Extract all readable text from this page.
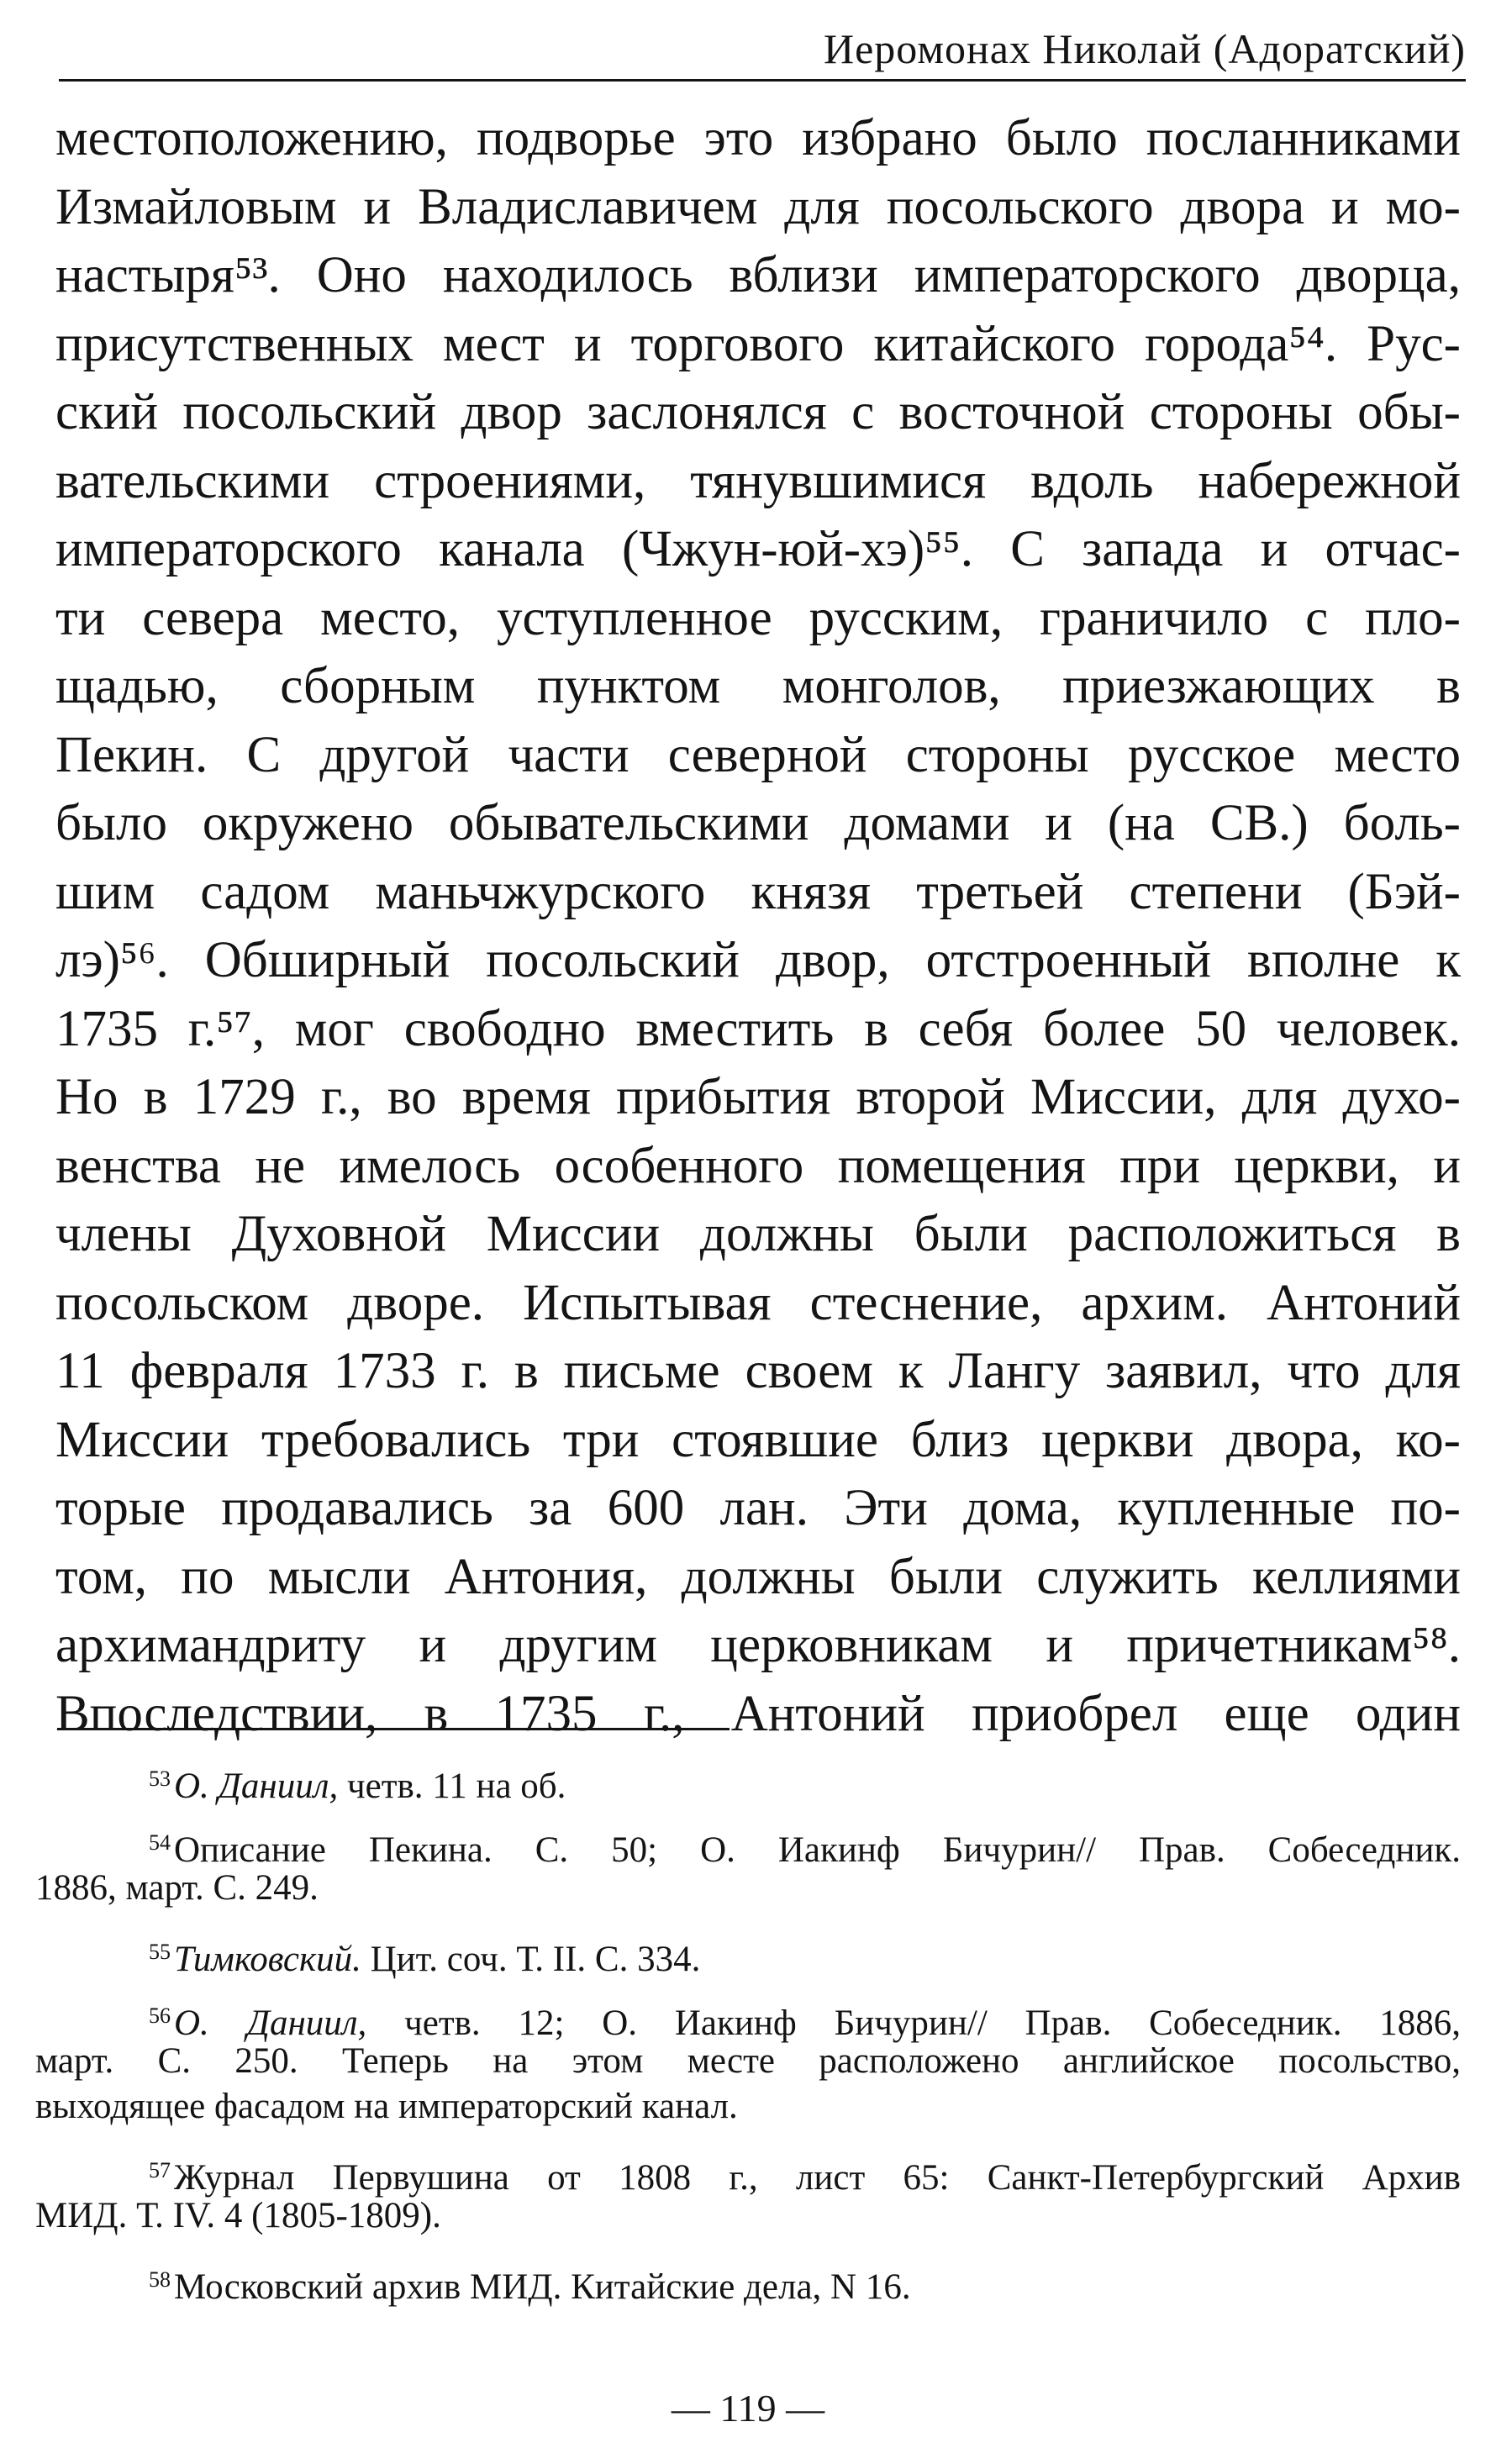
Иеромонах Николай (Адоратский)
местоположению, подворье это избрано было посланниками
Измайловым и Владиславичем для посольского двора и мо-
настыря⁵³. Оно находилось вблизи императорского дворца,
присутственных мест и торгового китайского города⁵⁴. Рус-
ский посольский двор заслонялся с восточной стороны обы-
вательскими строениями, тянувшимися вдоль набережной
императорского канала (Чжун-юй-хэ)⁵⁵. С запада и отчас-
ти севера место, уступленное русским, граничило с пло-
щадью, сборным пунктом монголов, приезжающих в
Пекин. С другой части северной стороны русское место
было окружено обывательскими домами и (на СВ.) боль-
шим садом маньчжурского князя третьей степени (Бэй-
лэ)⁵⁶. Обширный посольский двор, отстроенный вполне к
1735 г.⁵⁷, мог свободно вместить в себя более 50 человек.
Но в 1729 г., во время прибытия второй Миссии, для духо-
венства не имелось особенного помещения при церкви, и
члены Духовной Миссии должны были расположиться в
посольском дворе. Испытывая стеснение, архим. Антоний
11 февраля 1733 г. в письме своем к Лангу заявил, что для
Миссии требовались три стоявшие близ церкви двора, ко-
торые продавались за 600 лан. Эти дома, купленные по-
том, по мысли Антония, должны были служить келлиями
архимандриту и другим церковникам и причетникам⁵⁸.
Впоследствии, в 1735 г., Антоний приобрел еще один
$^{53}$О. Даниил, четв. 11 на об.
$^{54}$Описание Пекина. С. 50; О. Иакинф Бичурин// Прав. Собеседник.
1886, март. С. 249.
$^{55}$Тимковский. Цит. соч. Т. II. С. 334.
$^{56}$О. Даниил, четв. 12; О. Иакинф Бичурин// Прав. Собеседник. 1886,
март. С. 250. Теперь на этом месте расположено английское посольство,
выходящее фасадом на императорский канал.
$^{57}$Журнал Первушина от 1808 г., лист 65: Санкт-Петербургский Архив
МИД. Т. IV. 4 (1805-1809).
$^{58}$Московский архив МИД. Китайские дела, N 16.
— 119 —
